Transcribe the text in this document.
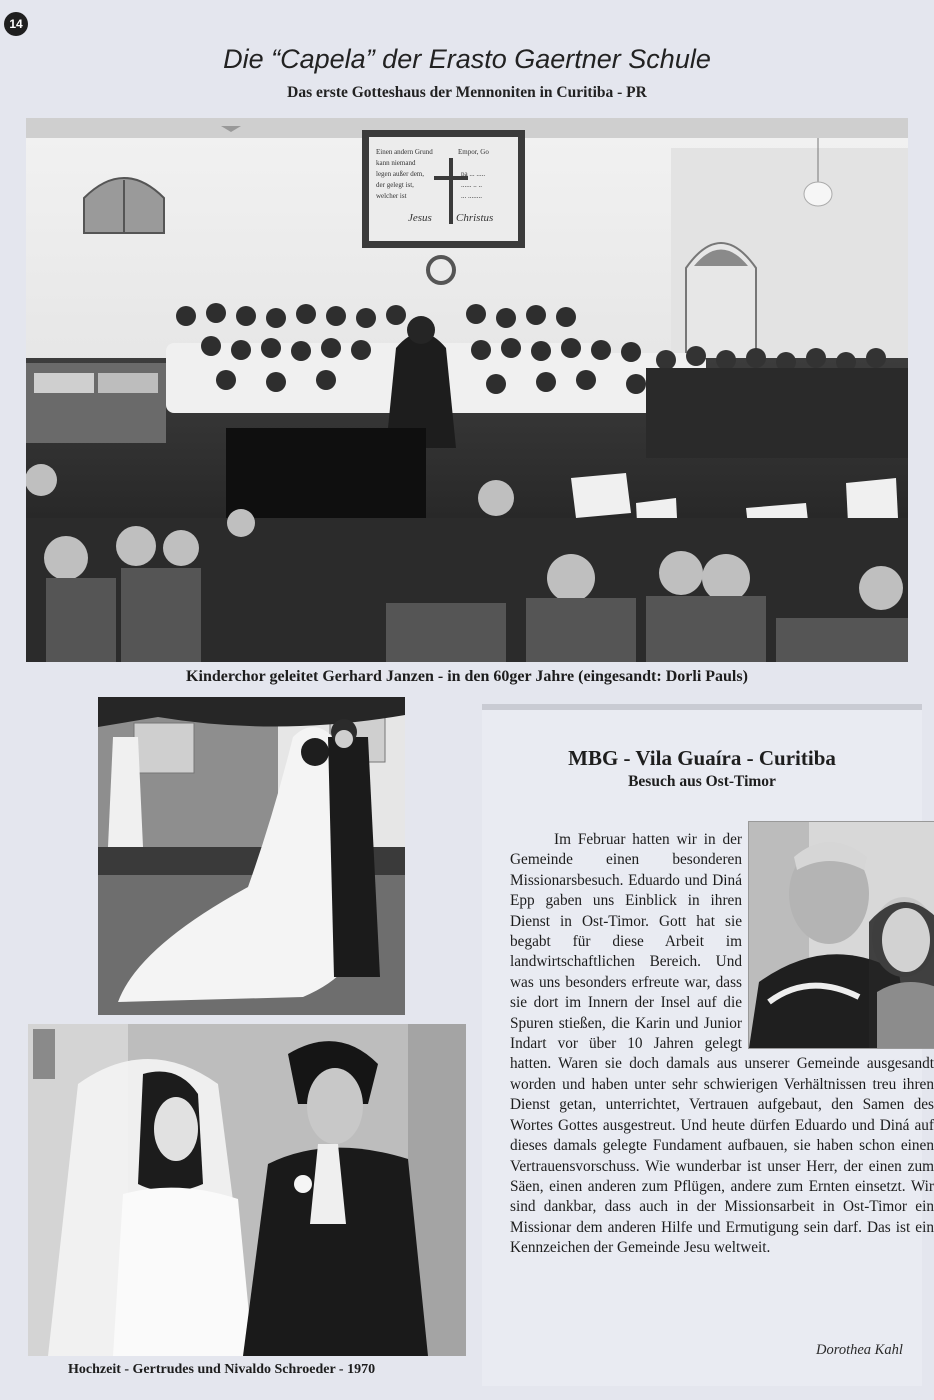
14
Die “Capela” der Erasto Gaertner Schule
Das erste Gotteshaus der Mennoniten in Curitiba - PR
Einen andern Grund
kann niemand
legen außer dem,
der gelegt ist,
welcher ist
Empor, Go
pa ... .....
...... .. ..
... ........
Jesus Christus
Kinderchor geleitet Gerhard Janzen - in den 60ger Jahre (eingesandt: Dorli Pauls)
Hochzeit - Gertrudes und Nivaldo Schroeder - 1970
MBG - Vila Guaíra - Curitiba
Besuch aus Ost-Timor

Im Februar hatten wir in der Gemeinde einen besonderen Missionarsbesuch. Eduardo und Diná Epp gaben uns Einblick in ihren Dienst in Ost-Timor. Gott hat sie begabt für diese Arbeit im landwirtschaftlichen Bereich. Und was uns besonders erfreute war, dass sie dort im Innern der Insel auf die Spuren stießen, die Karin und Junior Indart vor über 10 Jahren gelegt hatten. Waren sie doch damals aus unserer Gemeinde ausgesandt worden und haben unter sehr schwierigen Verhältnissen treu ihren Dienst getan, unterrichtet, Vertrauen aufgebaut, den Samen des Wortes Gottes ausgestreut. Und heute dürfen Eduardo und Diná auf dieses damals gelegte Fundament aufbauen, sie haben schon einen Vertrauensvorschuss. Wie wunderbar ist unser Herr, der einen zum Säen, einen anderen zum Pflügen, andere zum Ernten einsetzt. Wir sind dankbar, dass auch in der Missionsarbeit in Ost-Timor ein Missionar dem anderen Hilfe und Ermutigung sein darf. Das ist ein Kennzeichen der Gemeinde Jesu weltweit.

Dorothea Kahl
